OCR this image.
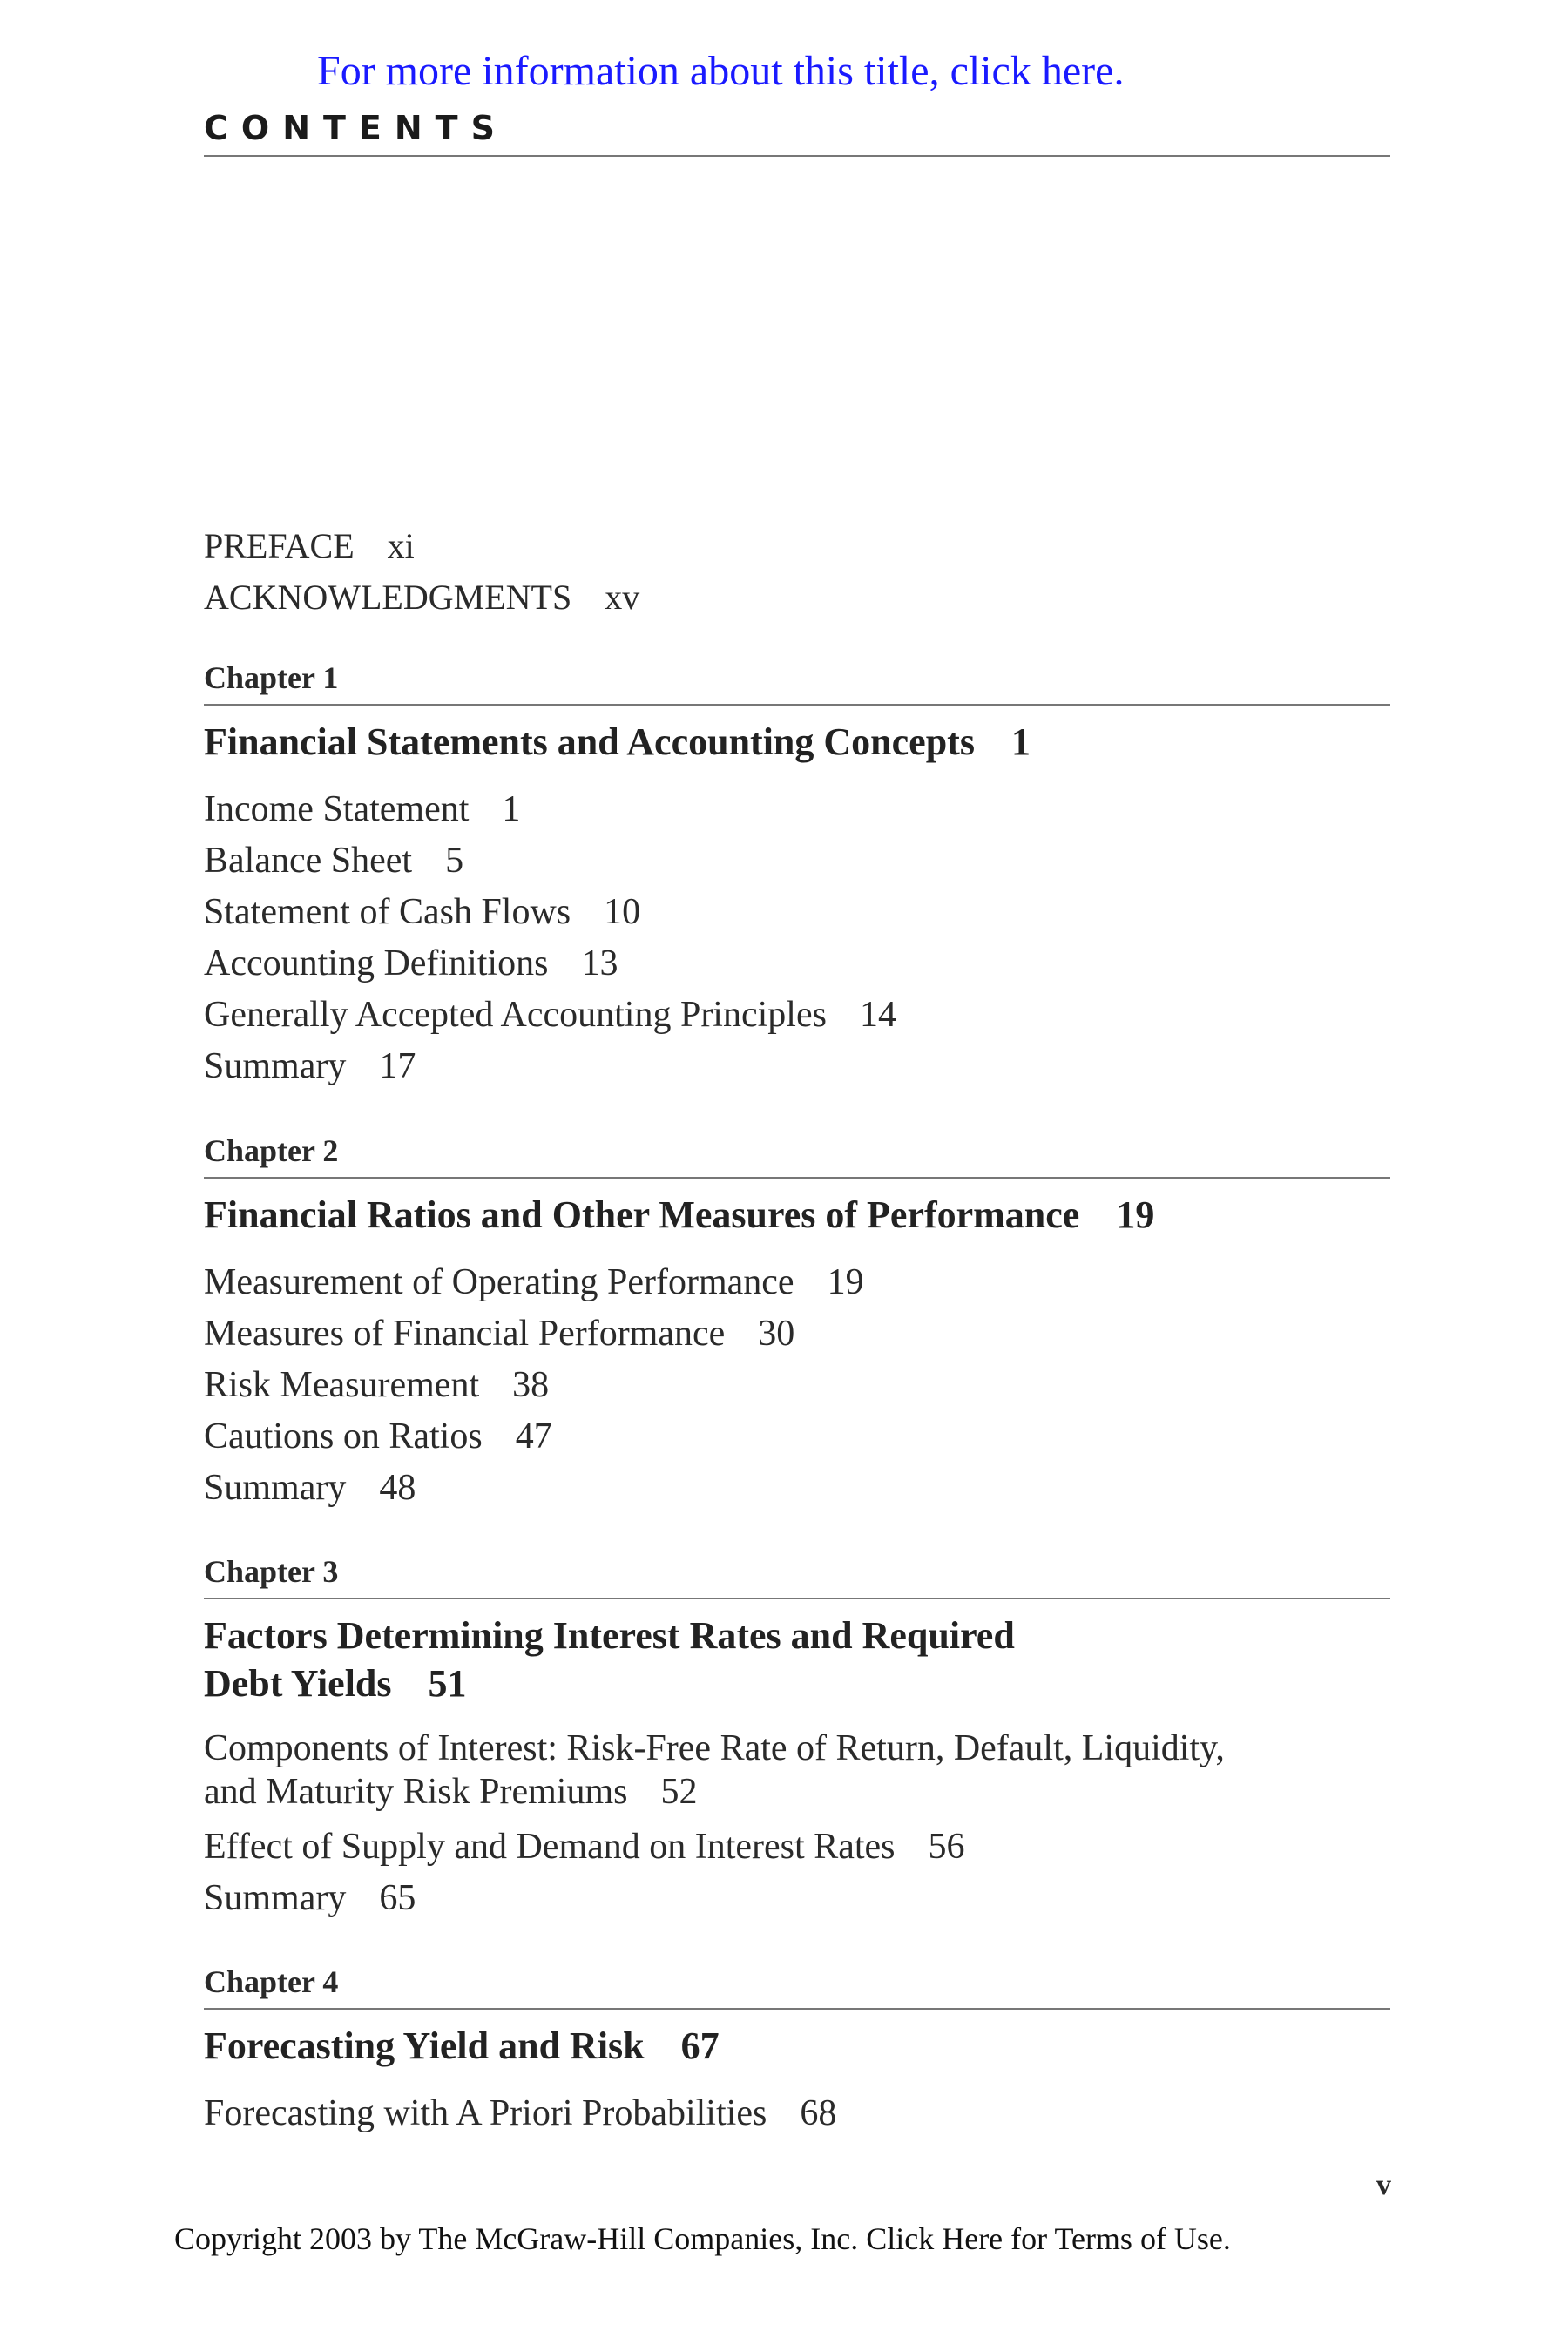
For more information about this title, click here.
CONTENTS
PREFACE xi
ACKNOWLEDGMENTS xv
Chapter 1
Financial Statements and Accounting Concepts 1
Income Statement 1
Balance Sheet 5
Statement of Cash Flows 10
Accounting Definitions 13
Generally Accepted Accounting Principles 14
Summary 17
Chapter 2
Financial Ratios and Other Measures of Performance 19
Measurement of Operating Performance 19
Measures of Financial Performance 30
Risk Measurement 38
Cautions on Ratios 47
Summary 48
Chapter 3
Factors Determining Interest Rates and Required
Debt Yields 51
Components of Interest: Risk-Free Rate of Return, Default, Liquidity,
and Maturity Risk Premiums 52
Effect of Supply and Demand on Interest Rates 56
Summary 65
Chapter 4
Forecasting Yield and Risk 67
Forecasting with A Priori Probabilities 68
v
Copyright 2003 by The McGraw-Hill Companies, Inc. Click Here for Terms of Use.
